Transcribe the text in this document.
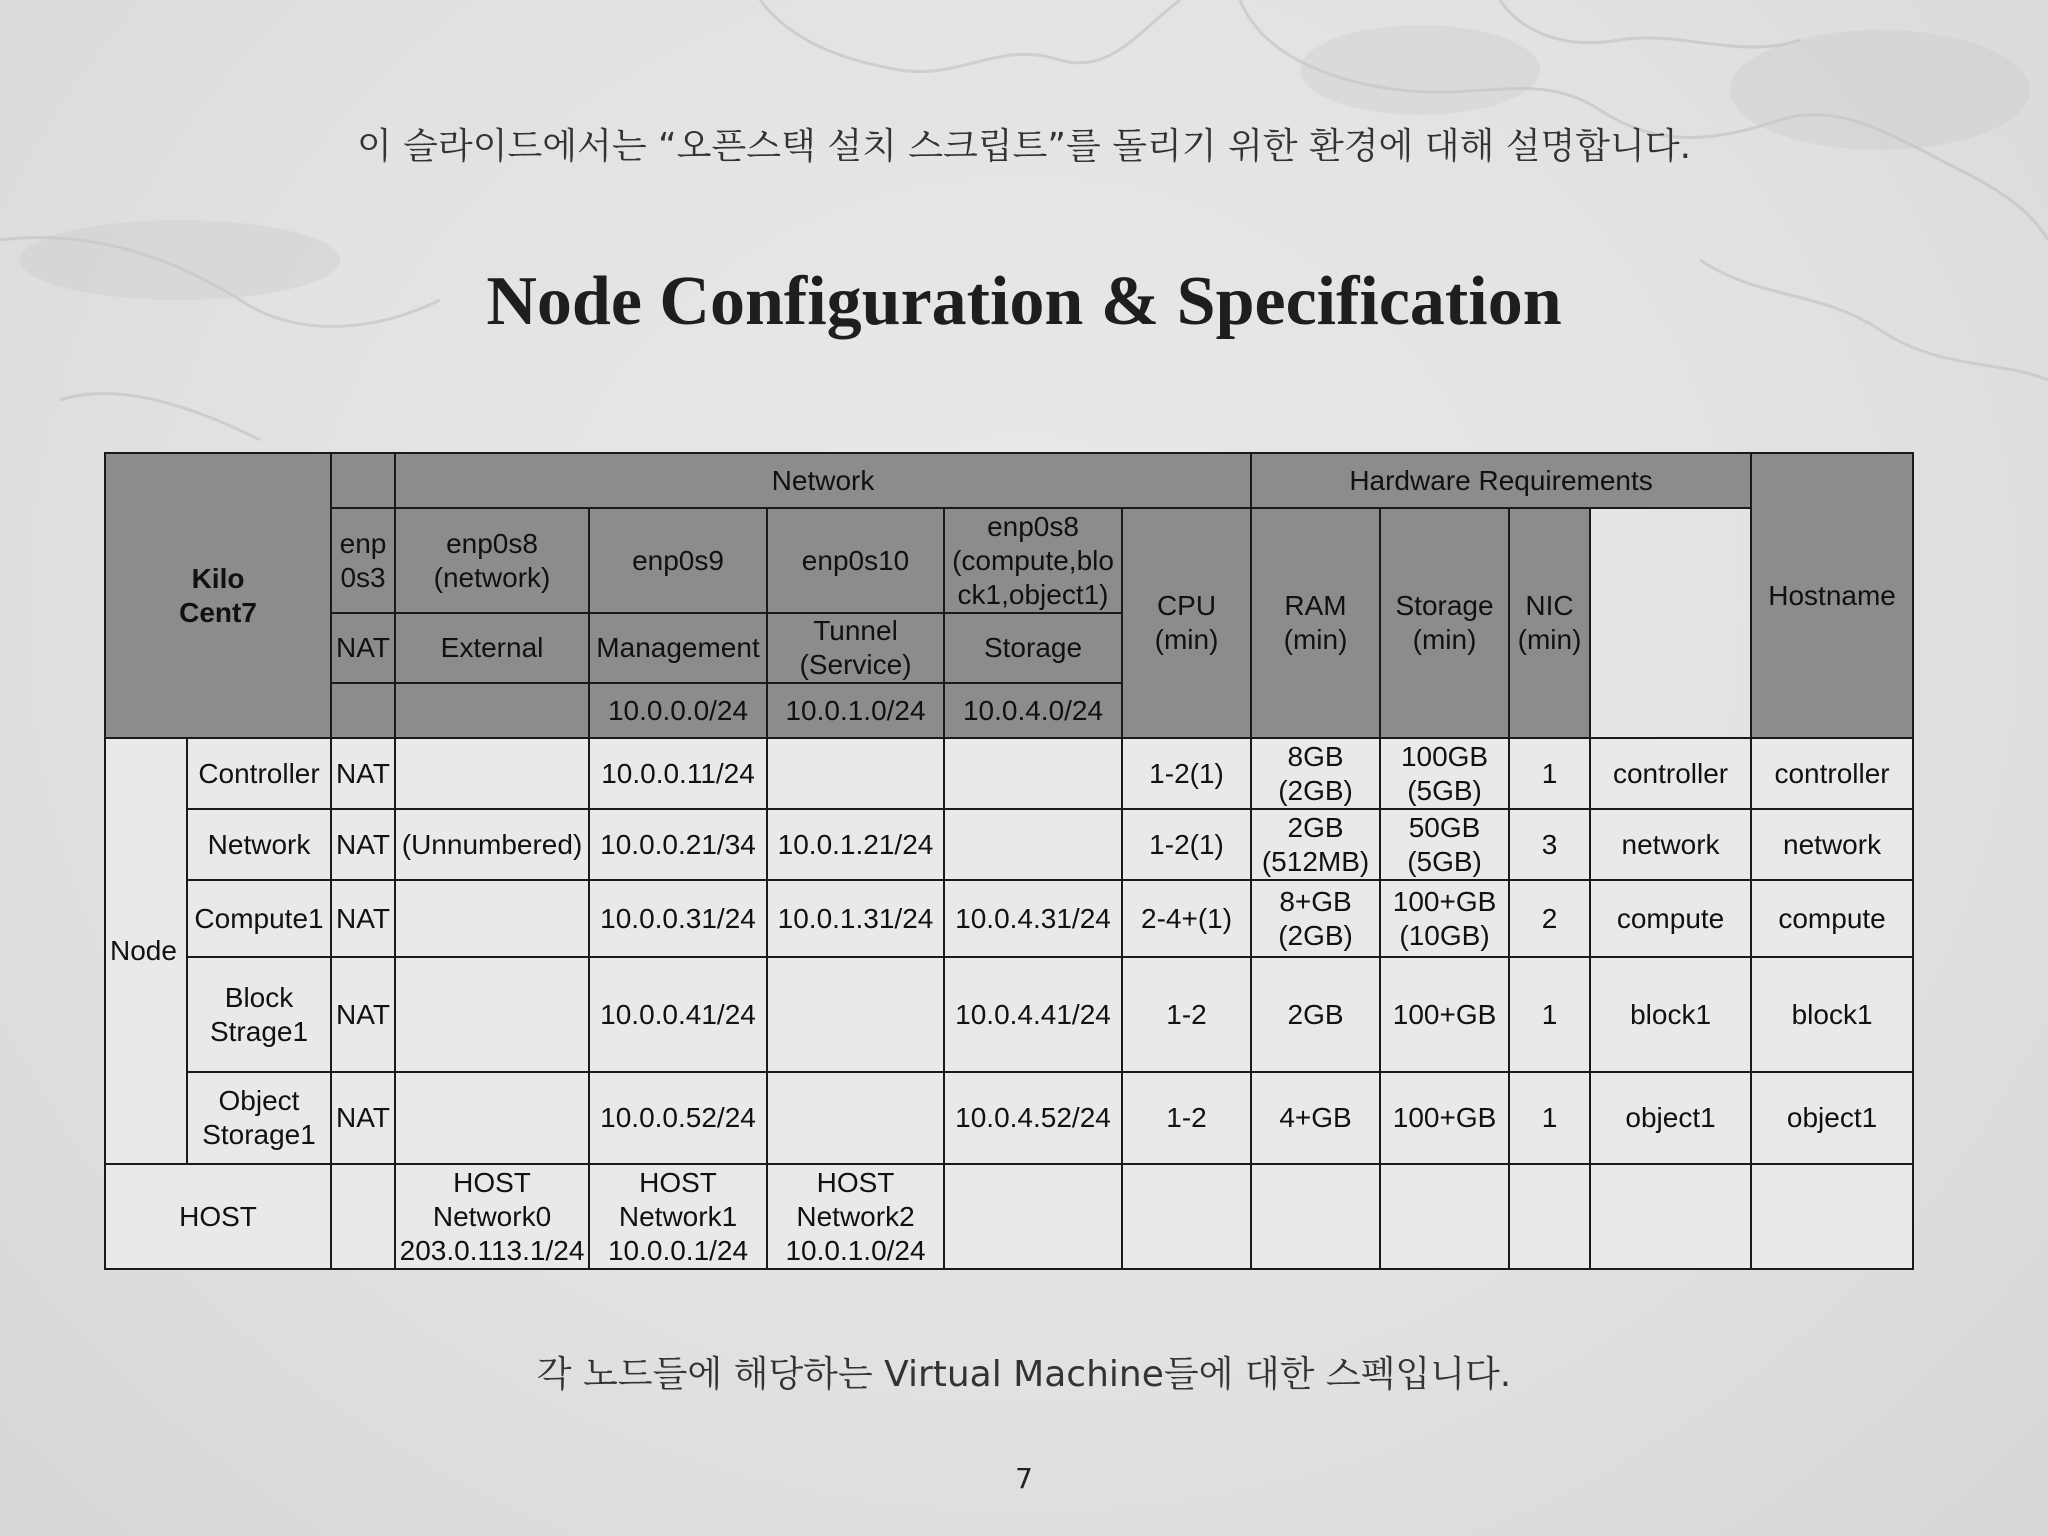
이 슬라이드에서는 “오픈스택 설치 스크립트”를 돌리기 위한 환경에 대해 설명합니다.
Node Configuration & Specification
Kilo
Cent7			Network					Hardware Requirements				Hostname	
		enp 0s3	enp0s8 (network)	enp0s9	enp0s10	enp0s8 (compute,blo ck1,object1)	CPU (min)	RAM (min)	Storage (min)	NIC (min)			
		NAT	External	Management	Tunnel (Service)	Storage							
				10.0.0.0/24	10.0.1.0/24	10.0.4.0/24							

Node	Controller	NAT		10.0.0.11/24			1-2(1)	8GB (2GB)	100GB (5GB)	1	controller	controller	
	Network	NAT	(Unnumbered)	10.0.0.21/34	10.0.1.21/24		1-2(1)	2GB (512MB)	50GB (5GB)	3	network	network	
	Compute1	NAT		10.0.0.31/24	10.0.1.31/24	10.0.4.31/24	2-4+(1)	8+GB (2GB)	100+GB (10GB)	2	compute	compute	
	Block Strage1	NAT		10.0.0.41/24		10.0.4.41/24	1-2	2GB	100+GB	1	block1	block1	
	Object Storage1	NAT		10.0.0.52/24		10.0.4.52/24	1-2	4+GB	100+GB	1	object1	object1	
HOST			HOST Network0 203.0.113.1/24	HOST Network1 10.0.0.1/24	HOST Network2 10.0.1.0/24								
각 노드들에 해당하는 Virtual Machine들에 대한 스펙입니다.
7
